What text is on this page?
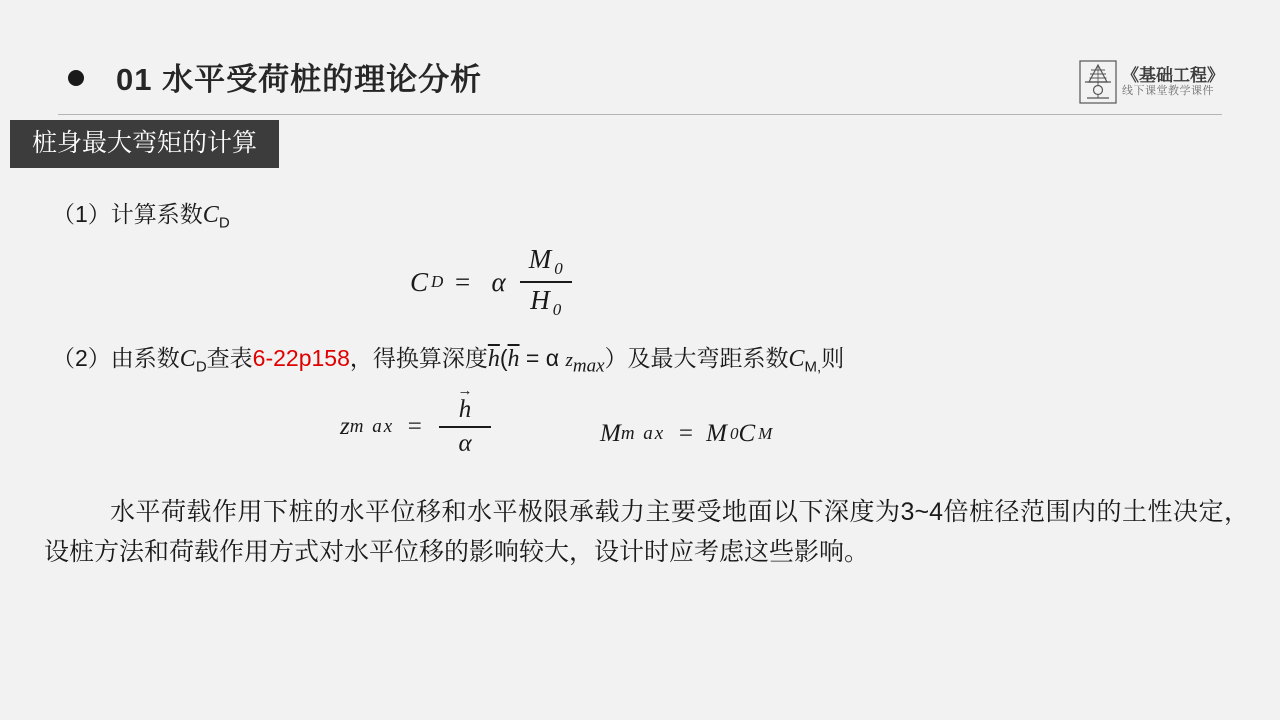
01 水平受荷桩的理论分析	《基础工程》
线下课堂教学课件
桩身最大弯矩的计算
（1）计算系数$C_D$
C D = α $\frac{M _0}{H _0}$
（2）由系数$C_D$查表6-22p158，得换算深度$\overline{h}(\overline{h} = \alpha$ $z_{max}$）及最大弯距系数$C_{M,}$则
z m ax = →
h
α	M m ax = M 0 C M
水平荷载作用下桩的水平位移和水平极限承载力主要受地面以下深度为3~4倍桩径范围内的土性决定，设桩方法和荷载作用方式对水平位移的影响较大，设计时应考虑这些影响。
